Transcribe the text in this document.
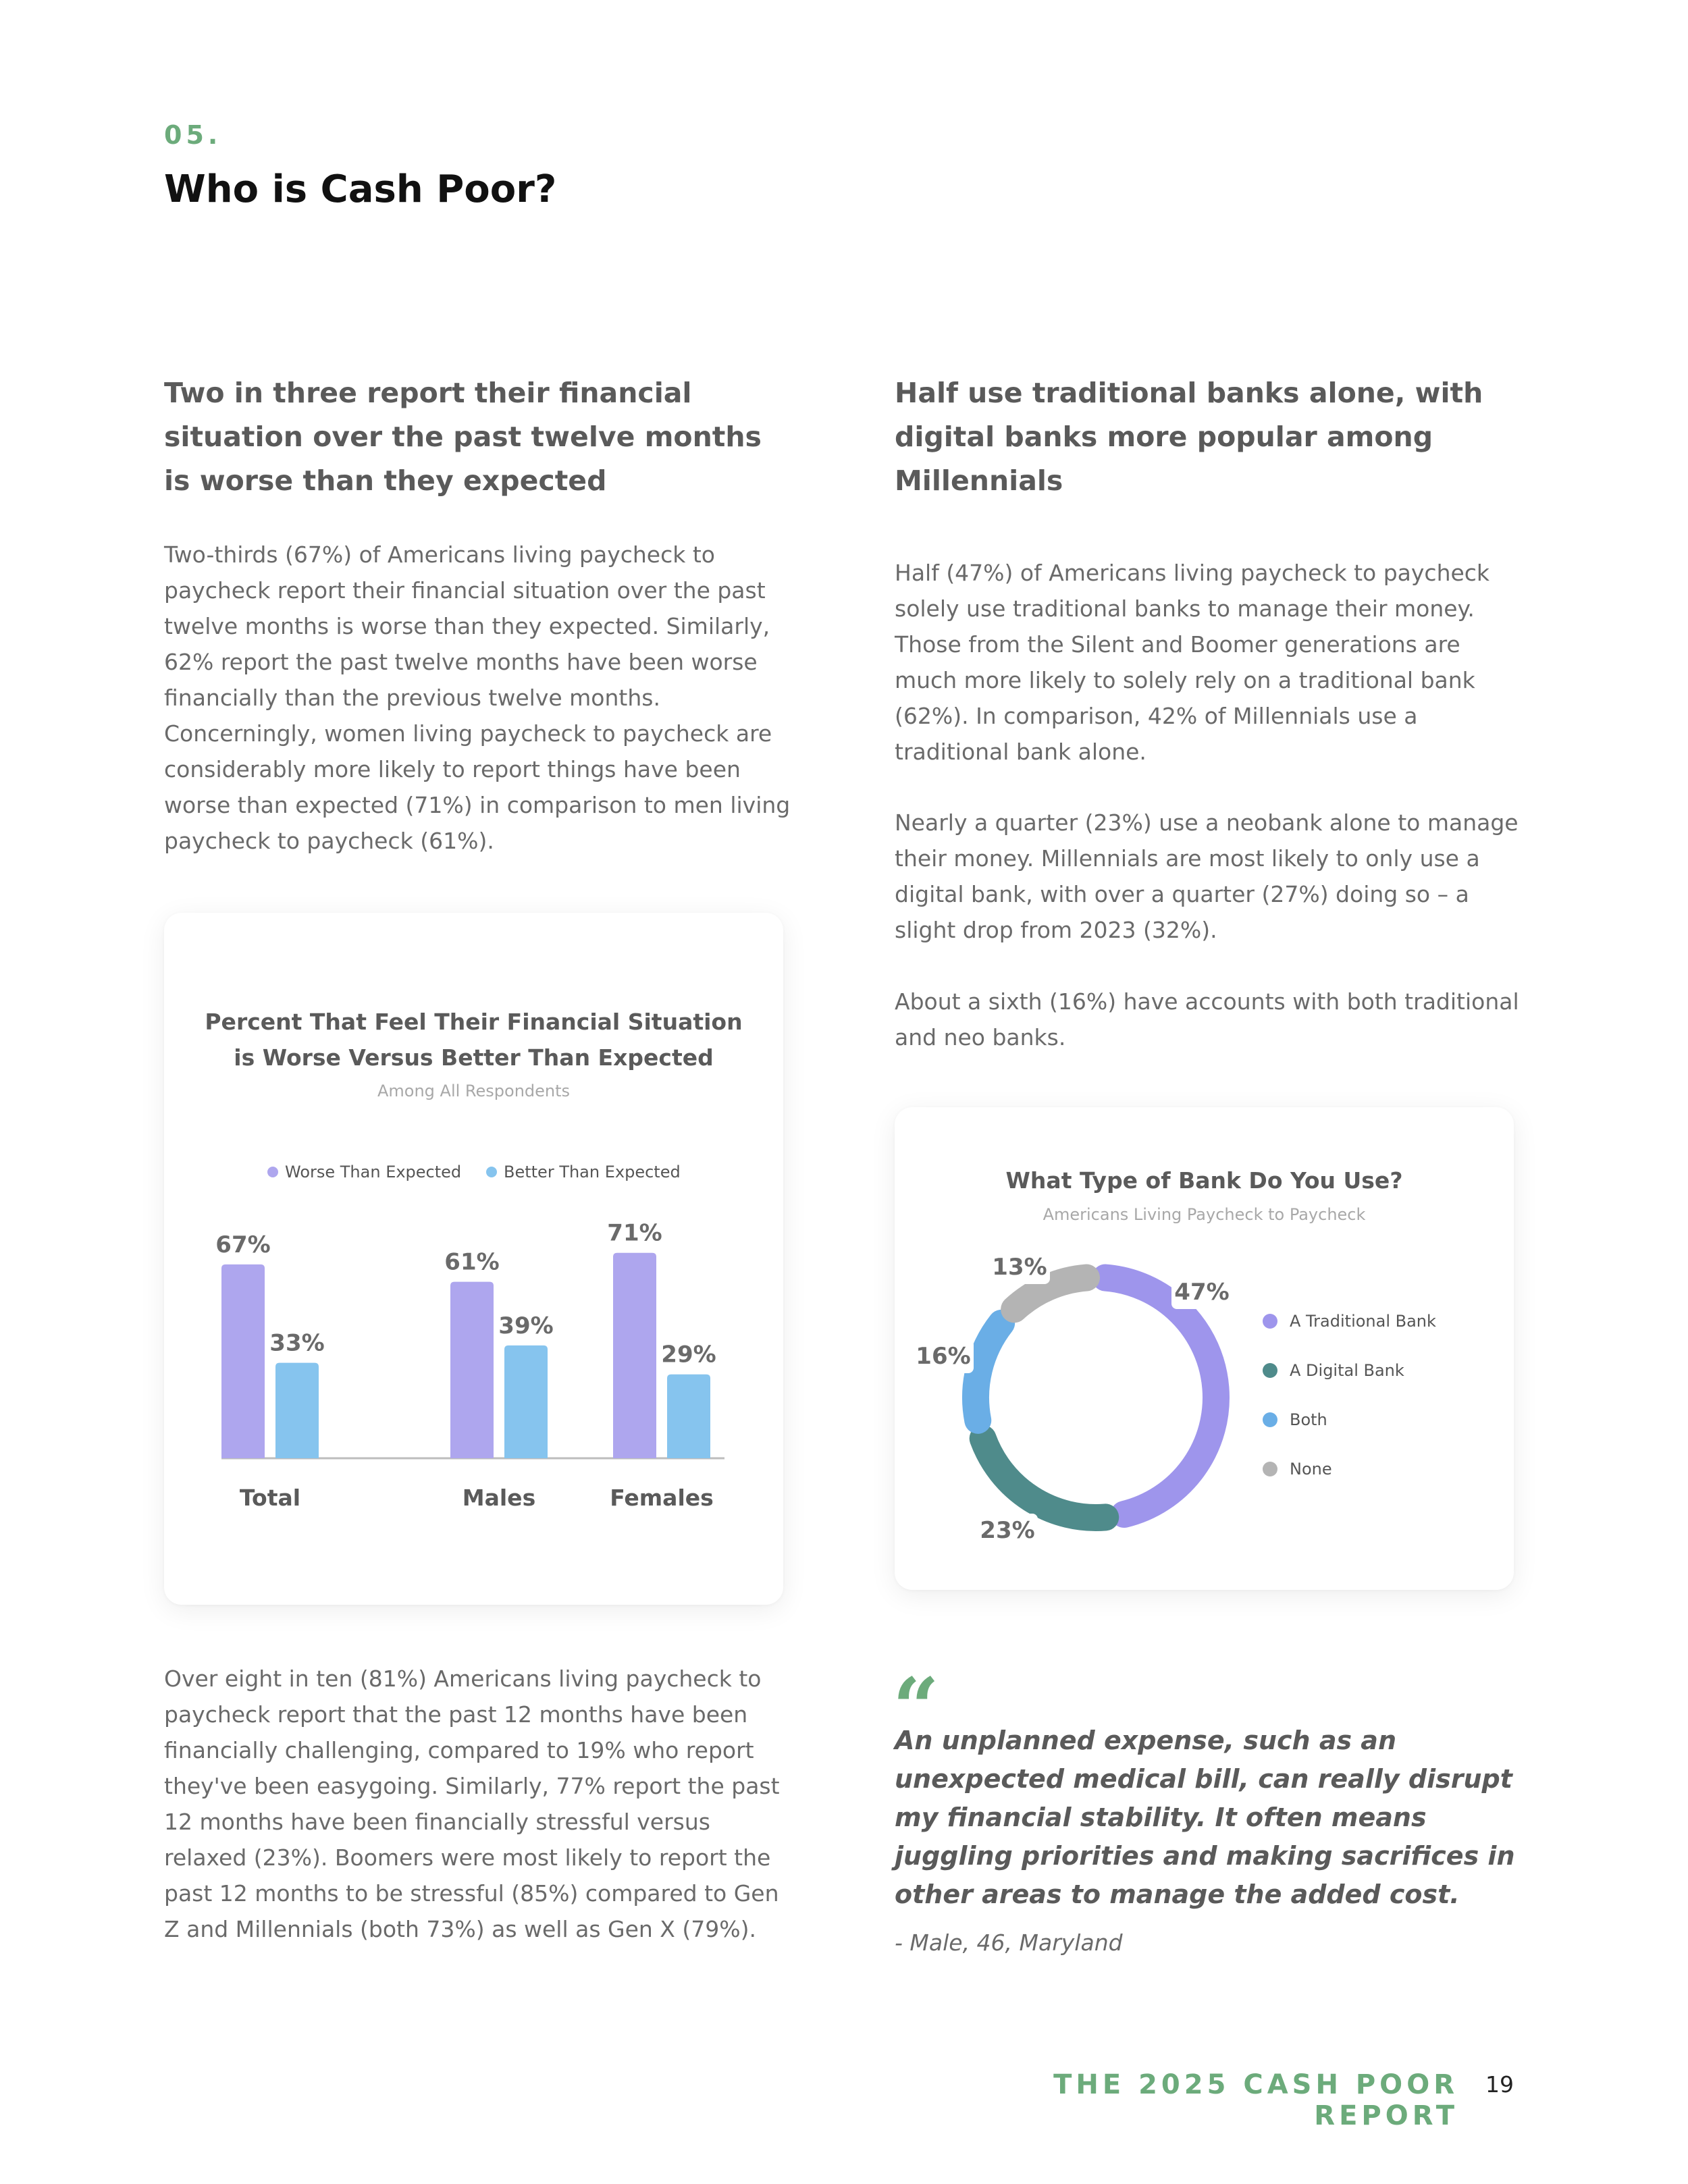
05.
Who is Cash Poor?
Two in three report their financial situation over the past twelve months is worse than they expected
Two-thirds (67%) of Americans living paycheck to paycheck report their financial situation over the past twelve months is worse than they expected. Similarly, 62% report the past twelve months have been worse financially than the previous twelve months. Concerningly, women living paycheck to paycheck are considerably more likely to report things have been worse than expected (71%) in comparison to men living paycheck to paycheck (61%).
Half use traditional banks alone, with digital banks more popular among Millennials
Half (47%) of Americans living paycheck to paycheck solely use traditional banks to manage their money. Those from the Silent and Boomer generations are much more likely to solely rely on a traditional bank (62%). In comparison, 42% of Millennials use a traditional bank alone.
Nearly a quarter (23%) use a neobank alone to manage their money. Millennials are most likely to only use a digital bank, with over a quarter (27%) doing so – a slight drop from 2023 (32%).
About a sixth (16%) have accounts with both traditional and neo banks.
Percent That Feel Their Financial Situation
is Worse Versus Better Than Expected
Among All Respondents
Worse Than Expected	Better Than Expected
67%
33%
Total
61%
39%
Males
71%
29%
Females
What Type of Bank Do You Use?
Americans Living Paycheck to Paycheck
47%
23%
16%
13%
A Traditional Bank
A Digital Bank
Both
None
Over eight in ten (81%) Americans living paycheck to paycheck report that the past 12 months have been financially challenging, compared to 19% who report they've been easygoing. Similarly, 77% report the past 12 months have been financially stressful versus relaxed (23%). Boomers were most likely to report the past 12 months to be stressful (85%) compared to Gen Z and Millennials (both 73%) as well as Gen X (79%).
“
An unplanned expense, such as an unexpected medical bill, can really disrupt my financial stability. It often means juggling priorities and making sacrifices in other areas to manage the added cost.
- Male, 46, Maryland
THE 2025 CASH POOR REPORT
19
